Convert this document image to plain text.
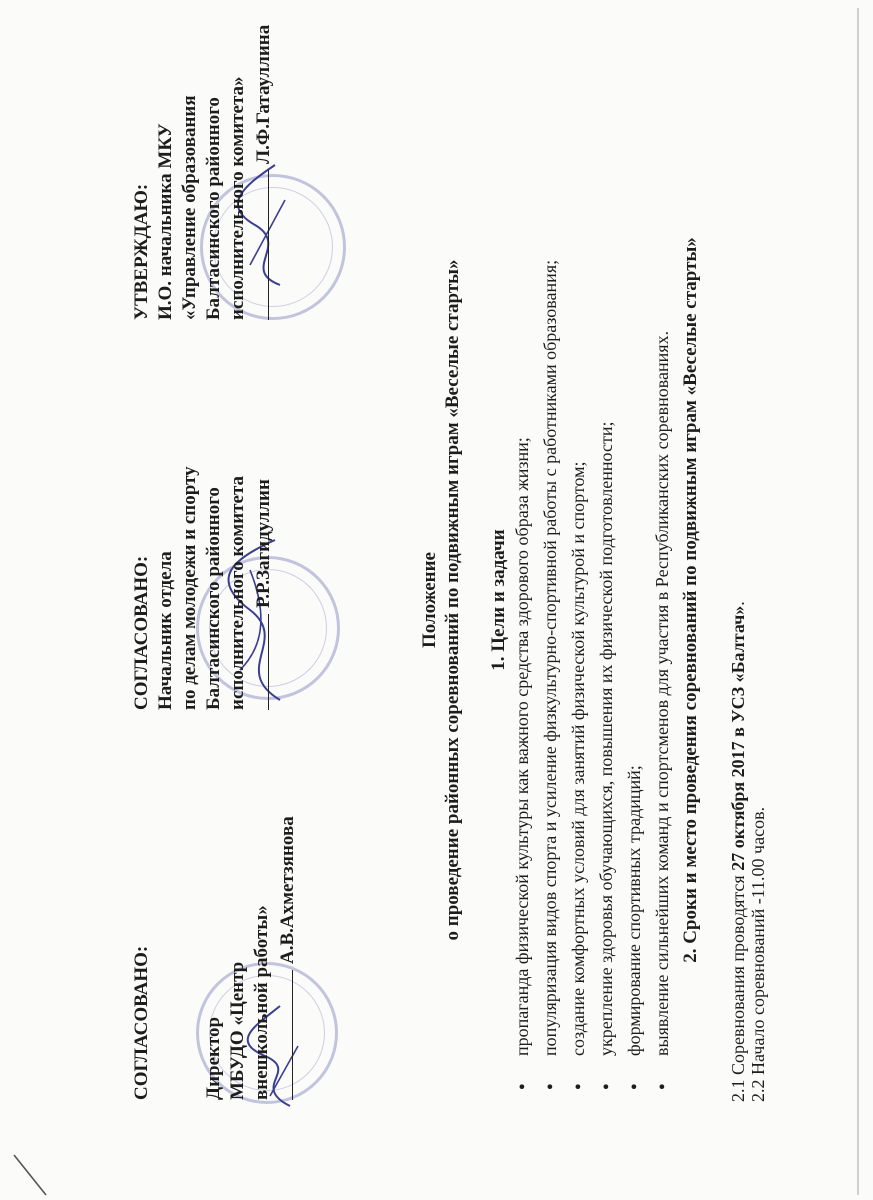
СОГЛАСОВАНО:	Директор МБУДО «Центр внешкольной работы»
А.В.Ахметзянова
СОГЛАСОВАНО: Начальник отдела по делам молодежи и спорту Балтасинского районного исполнительного комитета Р.Р.Загидуллин
УТВЕРЖДАЮ: И.О. начальника МКУ «Управление образования Балтасинского районного исполнительного комитета» Л.Ф.Гатауллина
Положение о проведение районных соревнований по подвижным играм «Веселые старты» 1. Цели и задачи ● пропаганда физической культуры как важного средства здорового образа жизни; ● популяризация видов спорта и усиление физкультурно-спортивной работы с работниками образования; ● создание комфортных условий для занятий физической культурой и спортом; ● укрепление здоровья обучающихся, повышения их физической подготовленности; ● формирование спортивных традиций; ● выявление сильнейших команд и спортсменов для участия в Республиканских соревнованиях. 2. Сроки и место проведения соревнований по подвижным играм «Веселые старты»
2.1 Соревнования проводятся 27 октября 2017 в УСЗ «Балтач».
2.2 Начало соревнований -11.00 часов.
